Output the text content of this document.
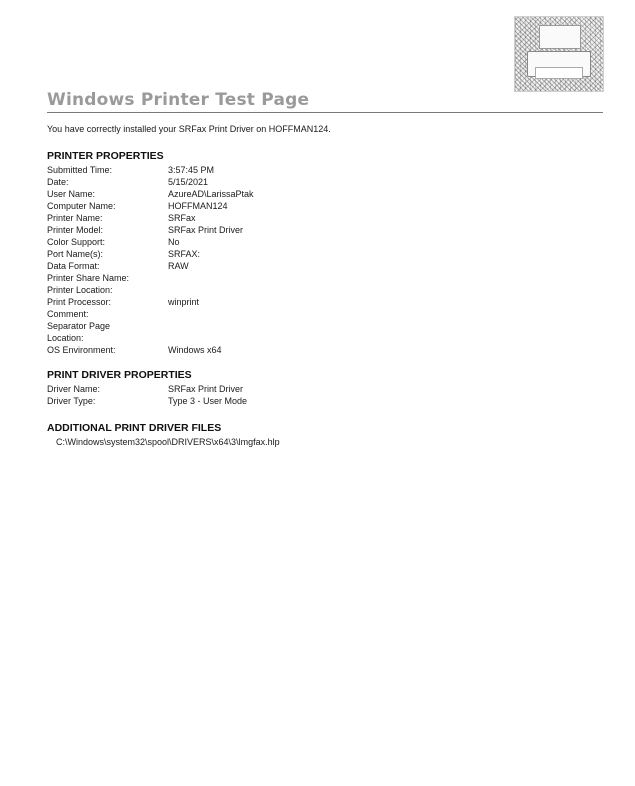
Windows Printer Test Page
You have correctly installed your SRFax Print Driver on HOFFMAN124.
PRINTER PROPERTIES
Submitted Time:	3:57:45 PM
Date:	5/15/2021
User Name:	AzureAD\LarissaPtak
Computer Name:	HOFFMAN124
Printer Name:	SRFax
Printer Model:	SRFax Print Driver
Color Support:	No
Port Name(s):	SRFAX:
Data Format:	RAW
Printer Share Name:
Printer Location:
Print Processor:	winprint
Comment:
Separator Page
Location:
OS Environment:	Windows x64
PRINT DRIVER PROPERTIES
Driver Name:	SRFax Print Driver
Driver Type:	Type 3 - User Mode
ADDITIONAL PRINT DRIVER FILES
C:\Windows\system32\spool\DRIVERS\x64\3\lmgfax.hlp
